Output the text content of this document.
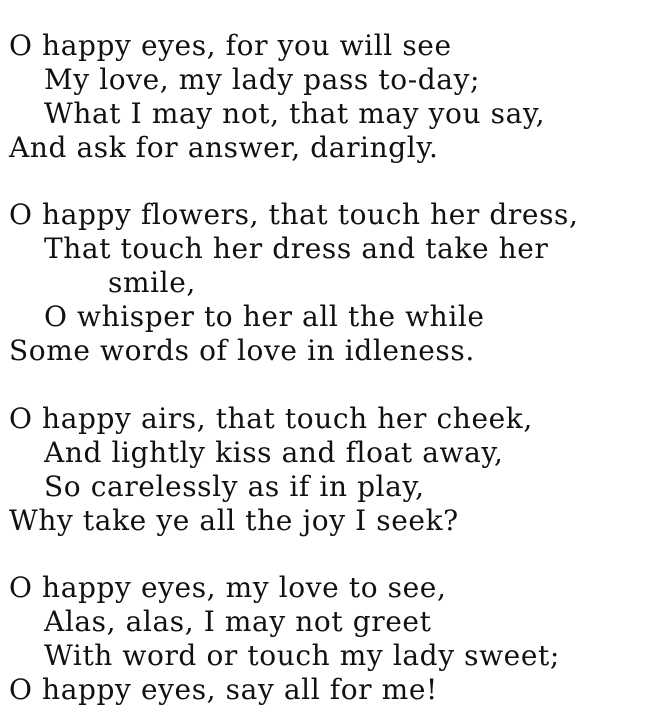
O happy eyes, for you will see
My love, my lady pass to-day;
What I may not, that may you say,
And ask for answer, daringly.
O happy flowers, that touch her dress,
That touch her dress and take her
smile,
O whisper to her all the while
Some words of love in idleness.
O happy airs, that touch her cheek,
And lightly kiss and float away,
So carelessly as if in play,
Why take ye all the joy I seek?
O happy eyes, my love to see,
Alas, alas, I may not greet
With word or touch my lady sweet;
O happy eyes, say all for me!
